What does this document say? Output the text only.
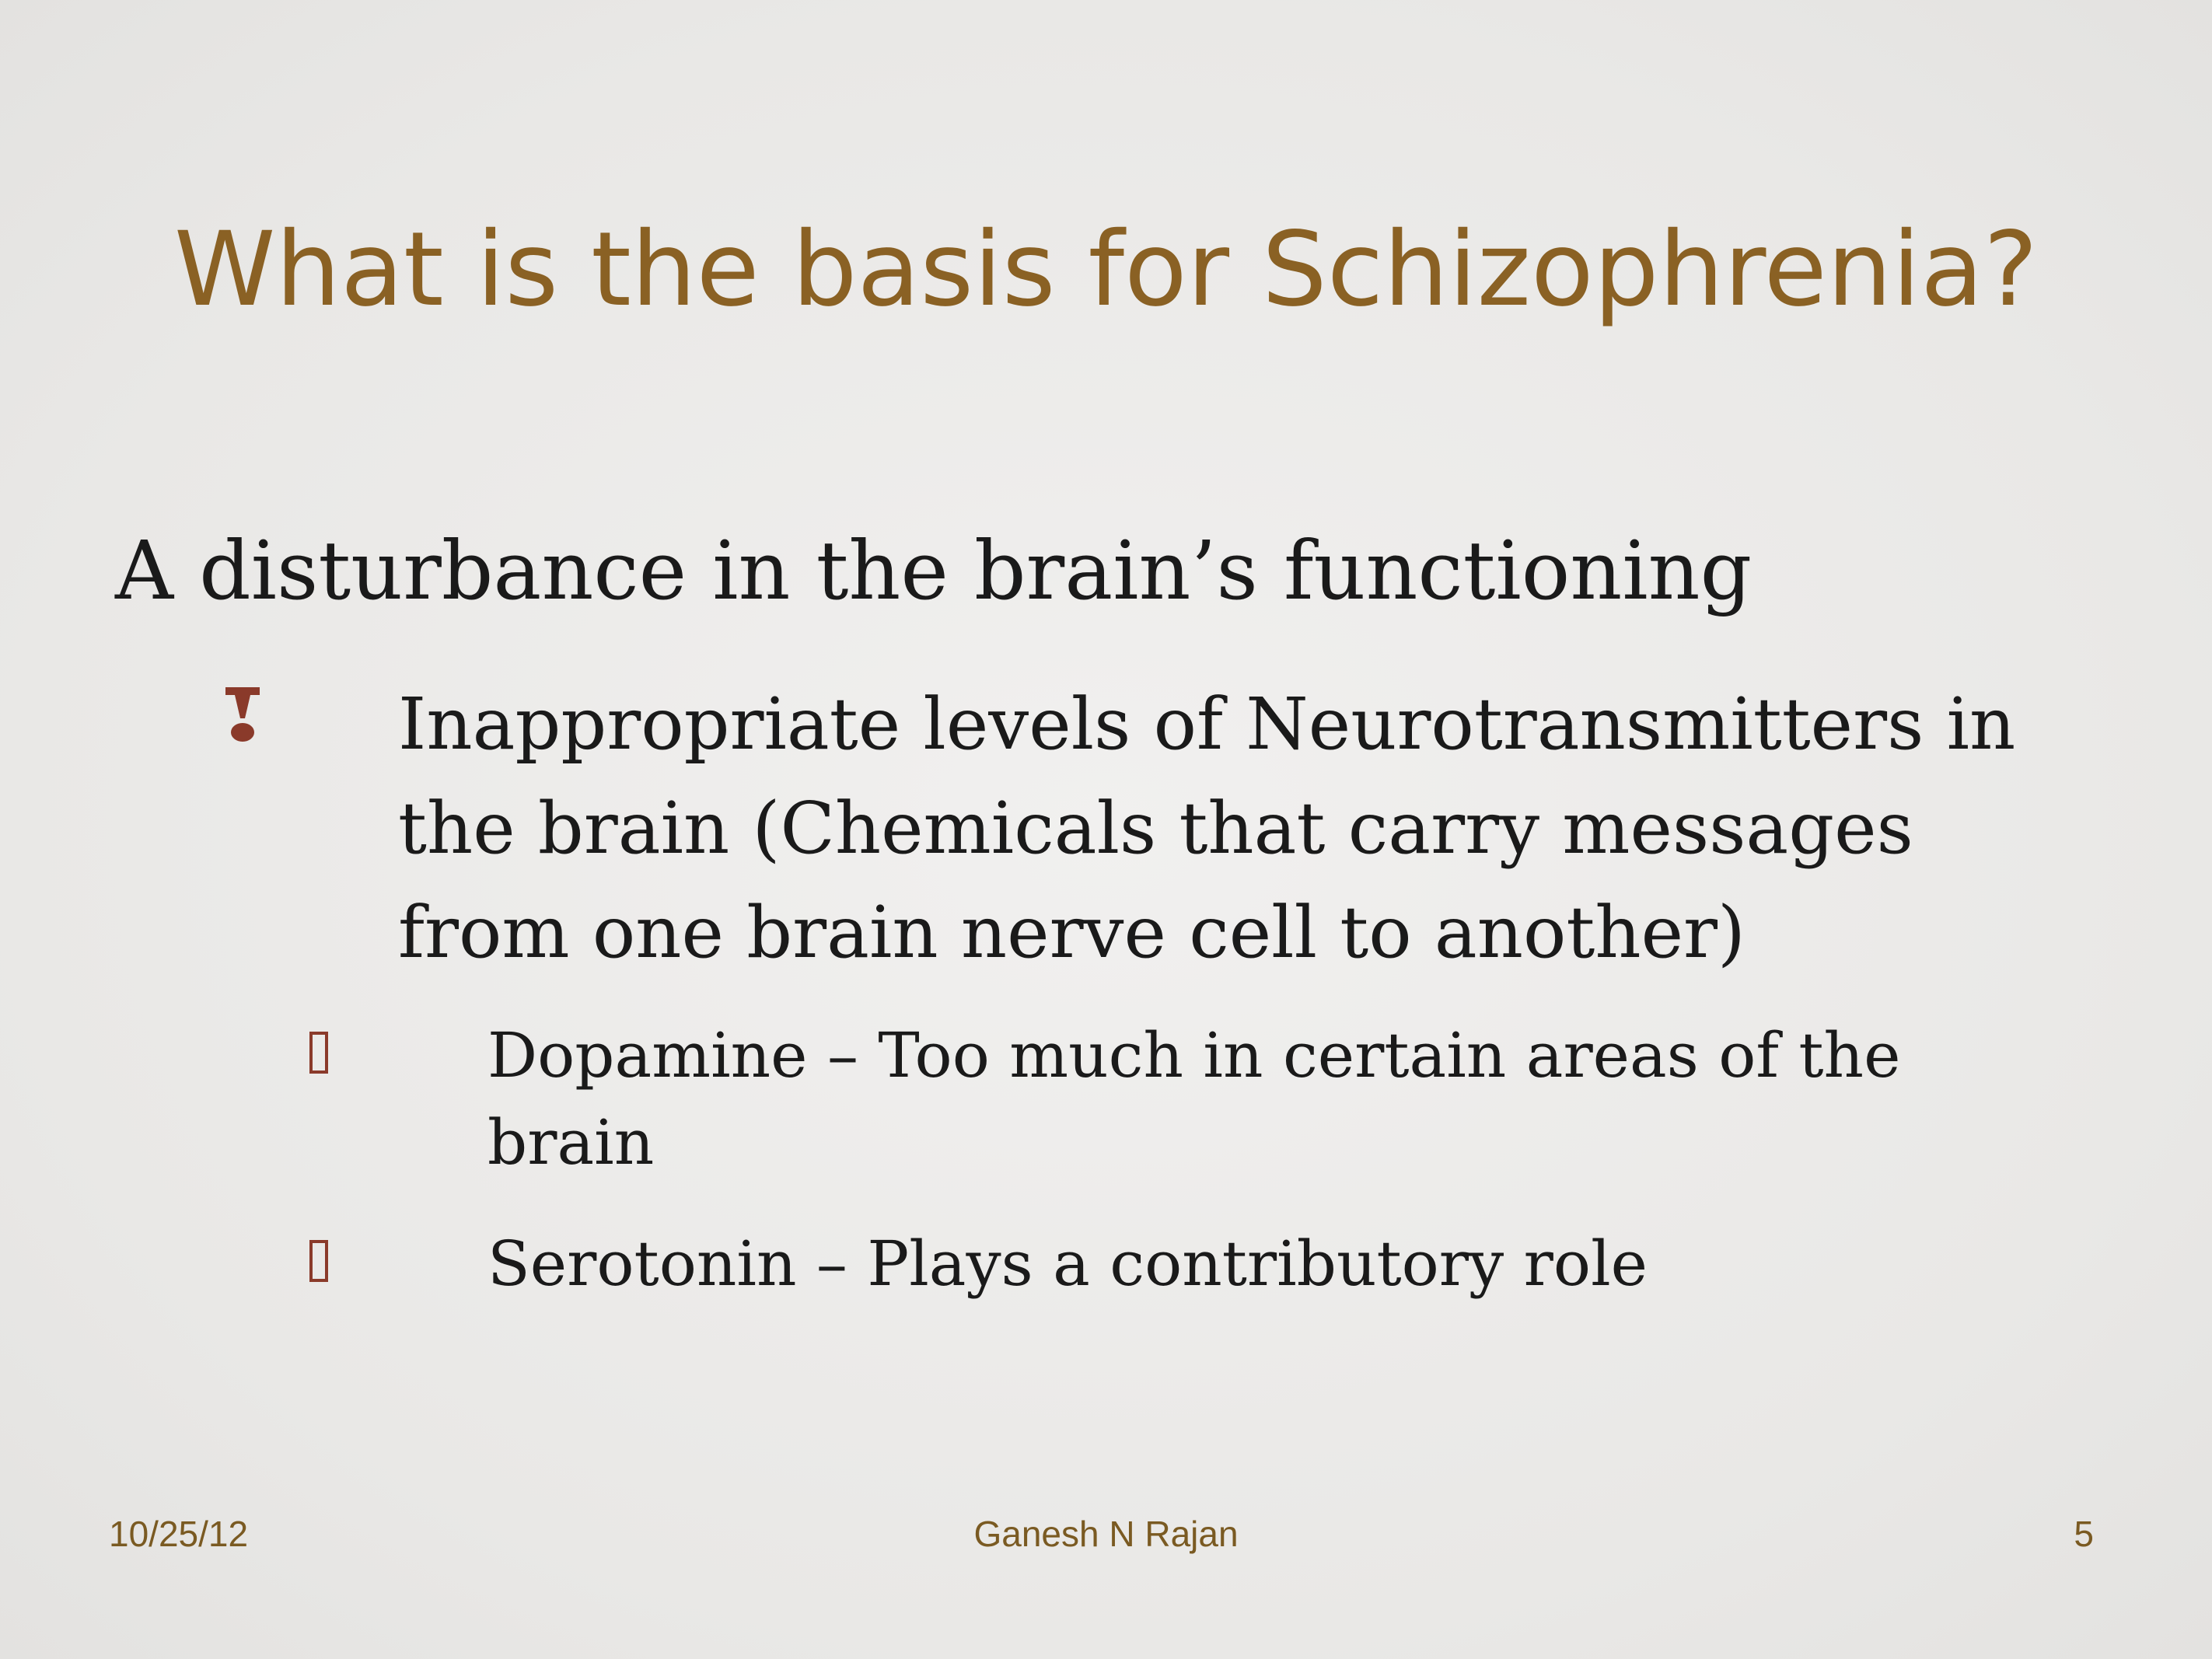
What is the basis for Schizophrenia?
A disturbance in the brain’s functioning
Inappropriate levels of Neurotransmitters in the brain (Chemicals that carry messages from one brain nerve cell to another)
Dopamine – Too much in certain areas of the brain
Serotonin – Plays a contributory role
10/25/12	Ganesh N Rajan	5
